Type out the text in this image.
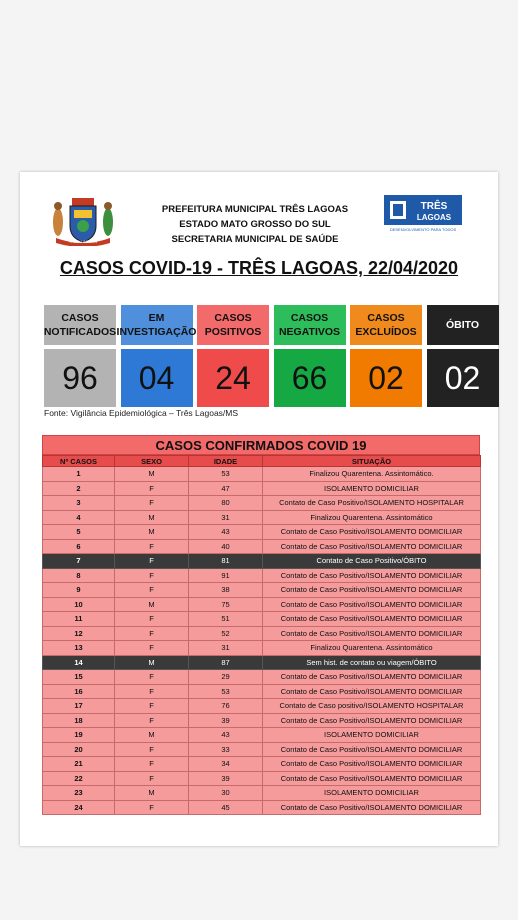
TRÊS LAGOAS
PREFEITURA MUNICIPAL TRÊS LAGOAS
ESTADO MATO GROSSO DO SUL
SECRETARIA MUNICIPAL DE SAÚDE
TRÊS
LAGOAS
DESENVOLVIMENTO PARA TODOS
CASOS COVID-19 - TRÊS LAGOAS, 22/04/2020
Fonte: Vigilância Epidemiológica – Três Lagoas/MS
CASOS CONFIRMADOS COVID 19
Nº CASOS	SEXO	IDADE	SITUAÇÃO
1	M	53	Finalizou Quarentena. Assintomático.
2	F	47	ISOLAMENTO DOMICILIAR
3	F	80	Contato de Caso Positivo/ISOLAMENTO HOSPITALAR
4	M	31	Finalizou Quarentena. Assintomático
5	M	43	Contato de Caso Positivo/ISOLAMENTO DOMICILIAR
6	F	40	Contato de Caso Positivo/ISOLAMENTO DOMICILIAR
7	F	81	Contato de Caso Positivo/ÓBITO
8	F	91	Contato de Caso Positivo/ISOLAMENTO DOMICILIAR
9	F	38	Contato de Caso Positivo/ISOLAMENTO DOMICILIAR
10	M	75	Contato de Caso Positivo/ISOLAMENTO DOMICILIAR
11	F	51	Contato de Caso Positivo/ISOLAMENTO DOMICILIAR
12	F	52	Contato de Caso Positivo/ISOLAMENTO DOMICILIAR
13	F	31	Finalizou Quarentena. Assintomático
14	M	87	Sem hist. de contato ou viagem/ÓBITO
15	F	29	Contato de Caso Positivo/ISOLAMENTO DOMICILIAR
16	F	53	Contato de Caso Positivo/ISOLAMENTO DOMICILIAR
17	F	76	Contato de Caso positivo/ISOLAMENTO HOSPITALAR
18	F	39	Contato de Caso Positivo/ISOLAMENTO DOMICILIAR
19	M	43	ISOLAMENTO DOMICILIAR
20	F	33	Contato de Caso Positivo/ISOLAMENTO DOMICILIAR
21	F	34	Contato de Caso Positivo/ISOLAMENTO DOMICILIAR
22	F	39	Contato de Caso Positivo/ISOLAMENTO DOMICILIAR
23	M	30	ISOLAMENTO DOMICILIAR
24	F	45	Contato de Caso Positivo/ISOLAMENTO DOMICILIAR
CASOS
NOTIFICADOS
96
EM
INVESTIGAÇÃO
04
CASOS
POSITIVOS
24
CASOS
NEGATIVOS
66
CASOS
EXCLUÍDOS
02
ÓBITO
02
